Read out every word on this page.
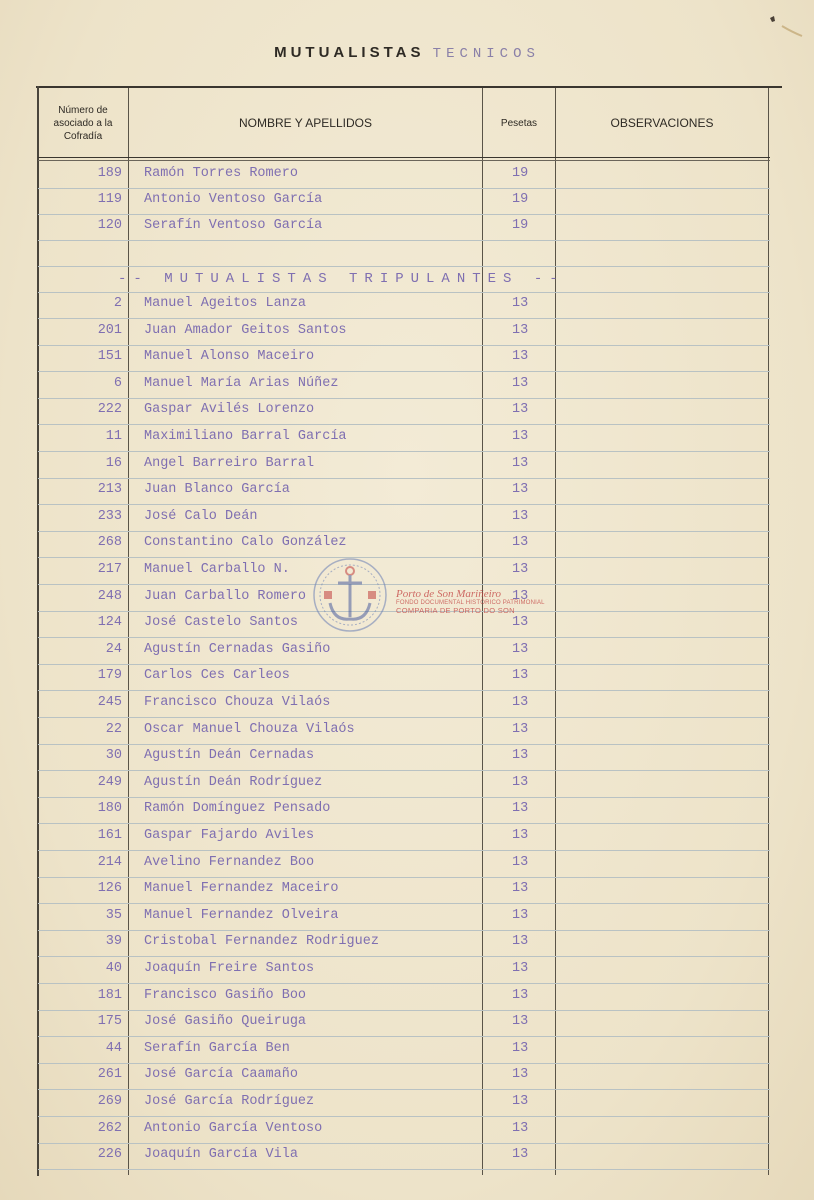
MUTUALISTAS TECNICOS
Número de asociado a la Cofradía
NOMBRE Y APELLIDOS	Pesetas	OBSERVACIONES
-- MUTUALISTAS TRIPULANTES --
189 Ramón Torres Romero	19
119 Antonio Ventoso García	19
120 Serafín Ventoso García	19
2 Manuel Ageitos Lanza	13
201 Juan Amador Geitos Santos	13
151 Manuel Alonso Maceiro	13
6 Manuel María Arias Núñez	13
222 Gaspar Avilés Lorenzo	13
11 Maximiliano Barral García	13
16 Angel Barreiro Barral	13
213 Juan Blanco García	13
233 José Calo Deán	13
268 Constantino Calo González	13
217 Manuel Carballo N.	13
248 Juan Carballo Romero	13
124 José Castelo Santos	13
24 Agustín Cernadas Gasiño	13
179 Carlos Ces Carleos	13
245 Francisco Chouza Vilaós	13
22 Oscar Manuel Chouza Vilaós	13
30 Agustín Deán Cernadas	13
249 Agustín Deán Rodríguez	13
180 Ramón Domínguez Pensado	13
161 Gaspar Fajardo Aviles	13
214 Avelino Fernandez Boo	13
126 Manuel Fernandez Maceiro	13
35 Manuel Fernandez Olveira	13
39 Cristobal Fernandez Rodriguez	13
40 Joaquín Freire Santos	13
181 Francisco Gasiño Boo	13
175 José Gasiño Queiruga	13
44 Serafín García Ben	13
261 José García Caamaño	13
269 José García Rodríguez	13
262 Antonio García Ventoso	13
226 Joaquín García Vila	13
Porto de Son Mariñeiro
FONDO DOCUMENTAL HISTÓRICO PATRIMONIAL
COMPARIA DE PORTO DO SON
